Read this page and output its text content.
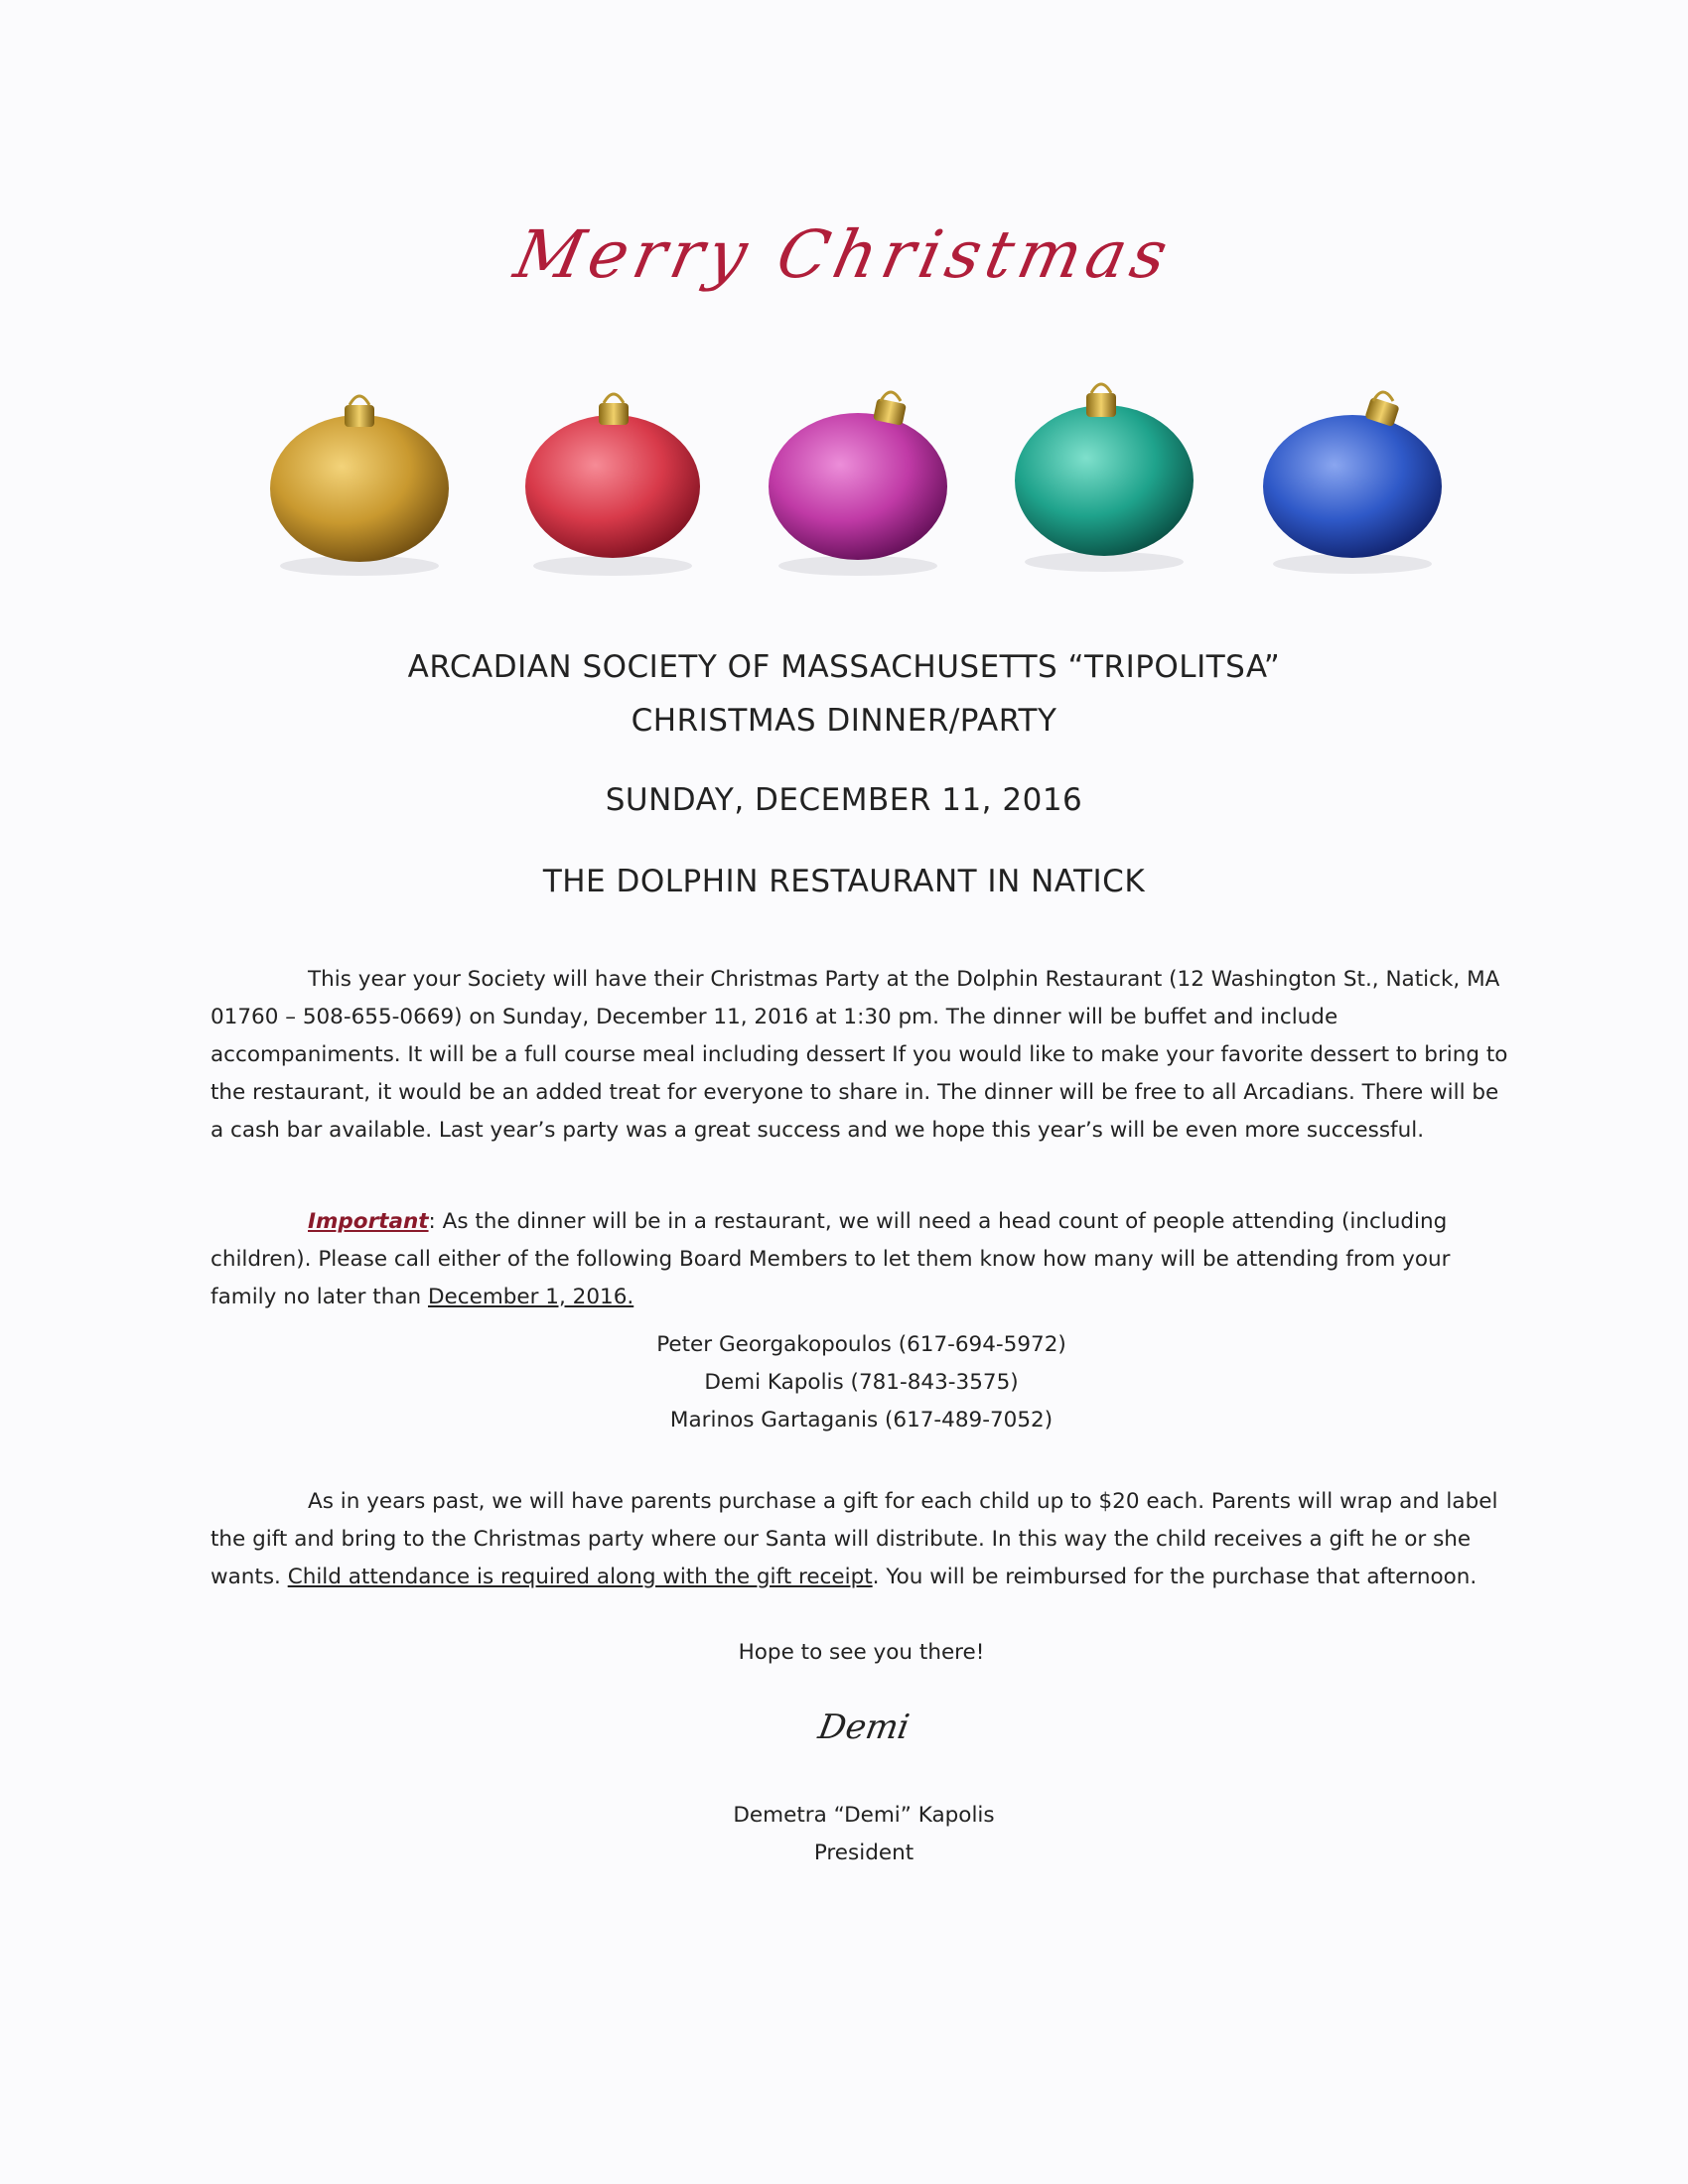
Merry Christmas
ARCADIAN SOCIETY OF MASSACHUSETTS “TRIPOLITSA”
CHRISTMAS DINNER/PARTY
SUNDAY, DECEMBER 11, 2016
THE DOLPHIN RESTAURANT IN NATICK

This year your Society will have their Christmas Party at the Dolphin Restaurant (12 Washington St., Natick, MA 01760 – 508-655-0669) on Sunday, December 11, 2016 at 1:30 pm. The dinner will be buffet and include accompaniments. It will be a full course meal including dessert If you would like to make your favorite dessert to bring to the restaurant, it would be an added treat for everyone to share in. The dinner will be free to all Arcadians. There will be a cash bar available. Last year’s party was a great success and we hope this year’s will be even more successful.

Important: As the dinner will be in a restaurant, we will need a head count of people attending (including children). Please call either of the following Board Members to let them know how many will be attending from your family no later than December 1, 2016.

Peter Georgakopoulos (617-694-5972)
Demi Kapolis (781-843-3575)
Marinos Gartaganis (617-489-7052)

As in years past, we will have parents purchase a gift for each child up to $20 each. Parents will wrap and label the gift and bring to the Christmas party where our Santa will distribute. In this way the child receives a gift he or she wants. Child attendance is required along with the gift receipt. You will be reimbursed for the purchase that afternoon.

Hope to see you there!
Demi
Demetra “Demi” Kapolis
President
